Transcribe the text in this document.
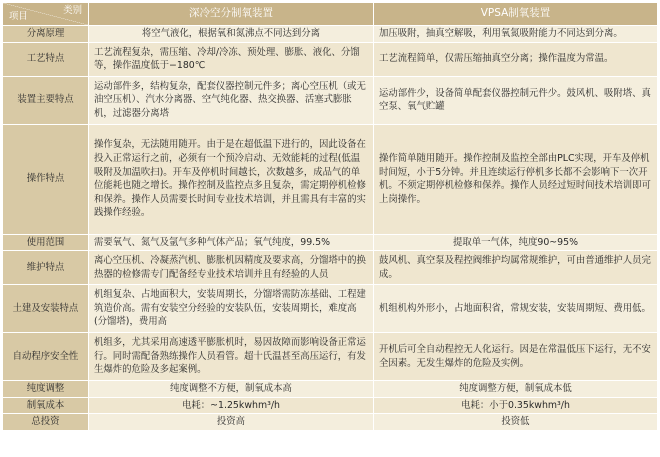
类别
项目	深冷空分制氧装置	VPSA制氧装置
分离原理	将空气液化，根据氧和氮沸点不同达到分离	加压吸附，抽真空解吸，利用氧氮吸附能力不同达到分离。
工艺特点	工艺流程复杂，需压缩、冷却/冷冻、预处理、膨胀、液化、分馏等，操作温度低于−180℃	工艺流程简单，仅需压缩抽真空分离；操作温度为常温。
装置主要特点	运动部件多，结构复杂，配套仪器控制元件多；离心空压机（或无油空压机）、汽水分离器、空气纯化器、热交换器、活塞式膨胀机，过滤器分离塔	运动部件少，设备简单配套仪器控制元件少。鼓风机、吸附塔、真空泵、氧气贮罐
操作特点	操作复杂，无法随用随开。由于是在超低温下进行的，因此设备在投入正常运行之前，必须有一个预冷启动、无效能耗的过程(低温吸附及加温吹扫)。开车及停机时间越长，次数越多，成品气的单位能耗也随之增长。操作控制及监控点多且复杂，需定期停机检修和保养。操作人员需要长时间专业技术培训，并且需具有丰富的实践操作经验。	操作简单随用随开。操作控制及监控全部由PLC实现，开车及停机时间短，小于5分钟。并且连续运行停机多长都不会影响下一次开机。不须定期停机检修和保养。操作人员经过短时间技术培训即可上岗操作。
使用范围	需要氧气、氮气及氩气多种气体产品；氧气纯度，99.5%	提取单一气体，纯度90~95%
维护特点	离心空压机、冷凝蒸汽机、膨胀机因精度及要求高，分馏塔中的换热器的检修需专门配备经专业技术培训并且有经验的人员	鼓风机、真空泵及程控阀维护均属常规维护，可由普通维护人员完成。
土建及安装特点	机组复杂、占地面积大，安装周期长，分馏塔需防冻基础、工程建筑造价高。需有安装空分经验的安装队伍，安装周期长，难度高(分馏塔)，费用高	机组机构外形小，占地面积省，常规安装，安装周期短、费用低。
自动程序安全性	机组多，尤其采用高速透平膨胀机时，易因故障而影响设备正常运行。同时需配备熟练操作人员看管。超十氏温甚至高压运行，有发生爆炸的危险及多起案例。	开机后可全自动程控无人化运行。因是在常温低压下运行，无不安全因素。无发生爆炸的危险及实例。
纯度调整	纯度调整不方便，制氧成本高	纯度调整方便，制氧成本低
制氧成本	电耗：~1.25kwhm³/h	电耗：小于0.35kwhm³/h
总投资	投资高	投资低
